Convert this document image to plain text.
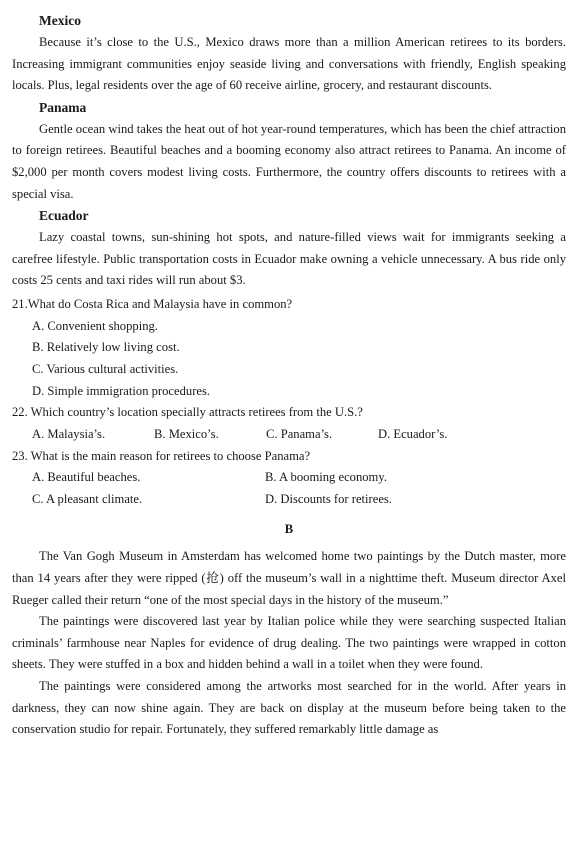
Mexico

Because it’s close to the U.S., Mexico draws more than a million American retirees to its borders. Increasing immigrant communities enjoy seaside living and conversations with friendly, English speaking locals. Plus, legal residents over the age of 60 receive airline, grocery, and restaurant discounts.

Panama

Gentle ocean wind takes the heat out of hot year-round temperatures, which has been the chief attraction to foreign retirees. Beautiful beaches and a booming economy also attract retirees to Panama. An income of $2,000 per month covers modest living costs. Furthermore, the country offers discounts to retirees with a special visa.

Ecuador

Lazy coastal towns, sun-shining hot spots, and nature-filled views wait for immigrants seeking a carefree lifestyle. Public transportation costs in Ecuador make owning a vehicle unnecessary. A bus ride only costs 25 cents and taxi rides will run about $3.

21.What do Costa Rica and Malaysia have in common?

A. Convenient shopping.
B. Relatively low living cost.
C. Various cultural activities.
D. Simple immigration procedures.

22. Which country’s location specially attracts retirees from the U.S.?

A. Malaysia’s.	B. Mexico’s.	C. Panama’s.	D. Ecuador’s.

23. What is the main reason for retirees to choose Panama?

A. Beautiful beaches.	B. A booming economy.
C. A pleasant climate.	D. Discounts for retirees.
B

The Van Gogh Museum in Amsterdam has welcomed home two paintings by the Dutch master, more than 14 years after they were ripped (抢) off the museum’s wall in a nighttime theft. Museum director Axel Rueger called their return “one of the most special days in the history of the museum.”

The paintings were discovered last year by Italian police while they were searching suspected Italian criminals’ farmhouse near Naples for evidence of drug dealing. The two paintings were wrapped in cotton sheets. They were stuffed in a box and hidden behind a wall in a toilet when they were found.

The paintings were considered among the artworks most searched for in the world. After years in darkness, they can now shine again. They are back on display at the museum before being taken to the conservation studio for repair. Fortunately, they suffered remarkably little damage as
